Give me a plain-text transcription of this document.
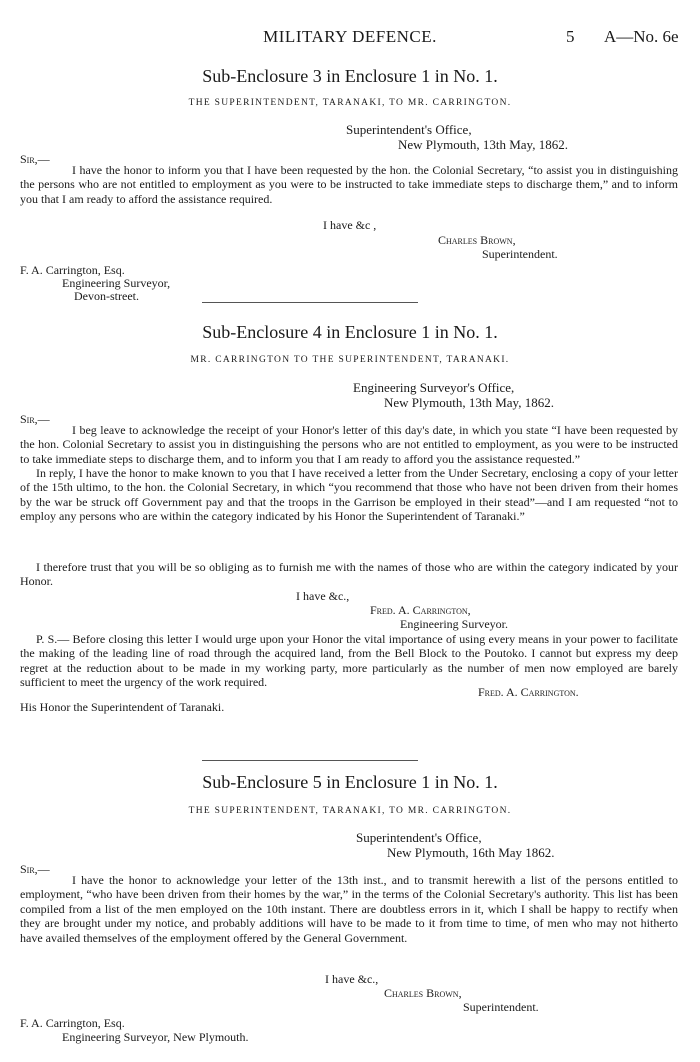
MILITARY DEFENCE.	5 A—No. 6e
Sub-Enclosure 3 in Enclosure 1 in No. 1.
THE SUPERINTENDENT, TARANAKI, TO MR. CARRINGTON.
Superintendent's Office,
New Plymouth, 13th May, 1862.
Sir,—

I have the honor to inform you that I have been requested by the hon. the Colonial Secretary, “to assist you in distinguishing the persons who are not entitled to employment as you were to be instructed to take immediate steps to discharge them,” and to inform you that I am ready to afford the assistance required.

I have &c ,
Charles Brown,
Superintendent.
F. A. Carrington, Esq.
Engineering Surveyor,
Devon-street.
Sub-Enclosure 4 in Enclosure 1 in No. 1.
MR. CARRINGTON TO THE SUPERINTENDENT, TARANAKI.
Engineering Surveyor's Office,
New Plymouth, 13th May, 1862.
Sir,—

I beg leave to acknowledge the receipt of your Honor's letter of this day's date, in which you state “I have been requested by the hon. Colonial Secretary to assist you in distinguishing the persons who are not entitled to employment, as you were to be instructed to take immediate steps to discharge them, and to inform you that I am ready to afford you the assistance requested.”

In reply, I have the honor to make known to you that I have received a letter from the Under Secretary, enclosing a copy of your letter of the 15th ultimo, to the hon. the Colonial Secretary, in which “you recommend that those who have not been driven from their homes by the war be struck off Government pay and that the troops in the Garrison be employed in their stead”—and I am requested “not to employ any persons who are within the category indicated by his Honor the Superintendent of Taranaki.”

I therefore trust that you will be so obliging as to furnish me with the names of those who are within the category indicated by your Honor.

I have &c.,
Fred. A. Carrington,
Engineering Surveyor.

P. S.— Before closing this letter I would urge upon your Honor the vital importance of using every means in your power to facilitate the making of the leading line of road through the acquired land, from the Bell Block to the Poutoko. I cannot but express my deep regret at the reduction about to be made in my working party, more particularly as the number of men now employed are barely sufficient to meet the urgency of the work required.

Fred. A. Carrington.
His Honor the Superintendent of Taranaki.
Sub-Enclosure 5 in Enclosure 1 in No. 1.
THE SUPERINTENDENT, TARANAKI, TO MR. CARRINGTON.
Superintendent's Office,
New Plymouth, 16th May 1862.
Sir,—

I have the honor to acknowledge your letter of the 13th inst., and to transmit herewith a list of the persons entitled to employment, “who have been driven from their homes by the war,” in the terms of the Colonial Secretary's authority. This list has been compiled from a list of the men employed on the 10th instant. There are doubtless errors in it, which I shall be happy to rectify when they are brought under my notice, and probably additions will have to be made to it from time to time, of men who may not hitherto have availed themselves of the employment offered by the General Government.

I have &c.,
Charles Brown,
Superintendent.
F. A. Carrington, Esq.
Engineering Surveyor, New Plymouth.
